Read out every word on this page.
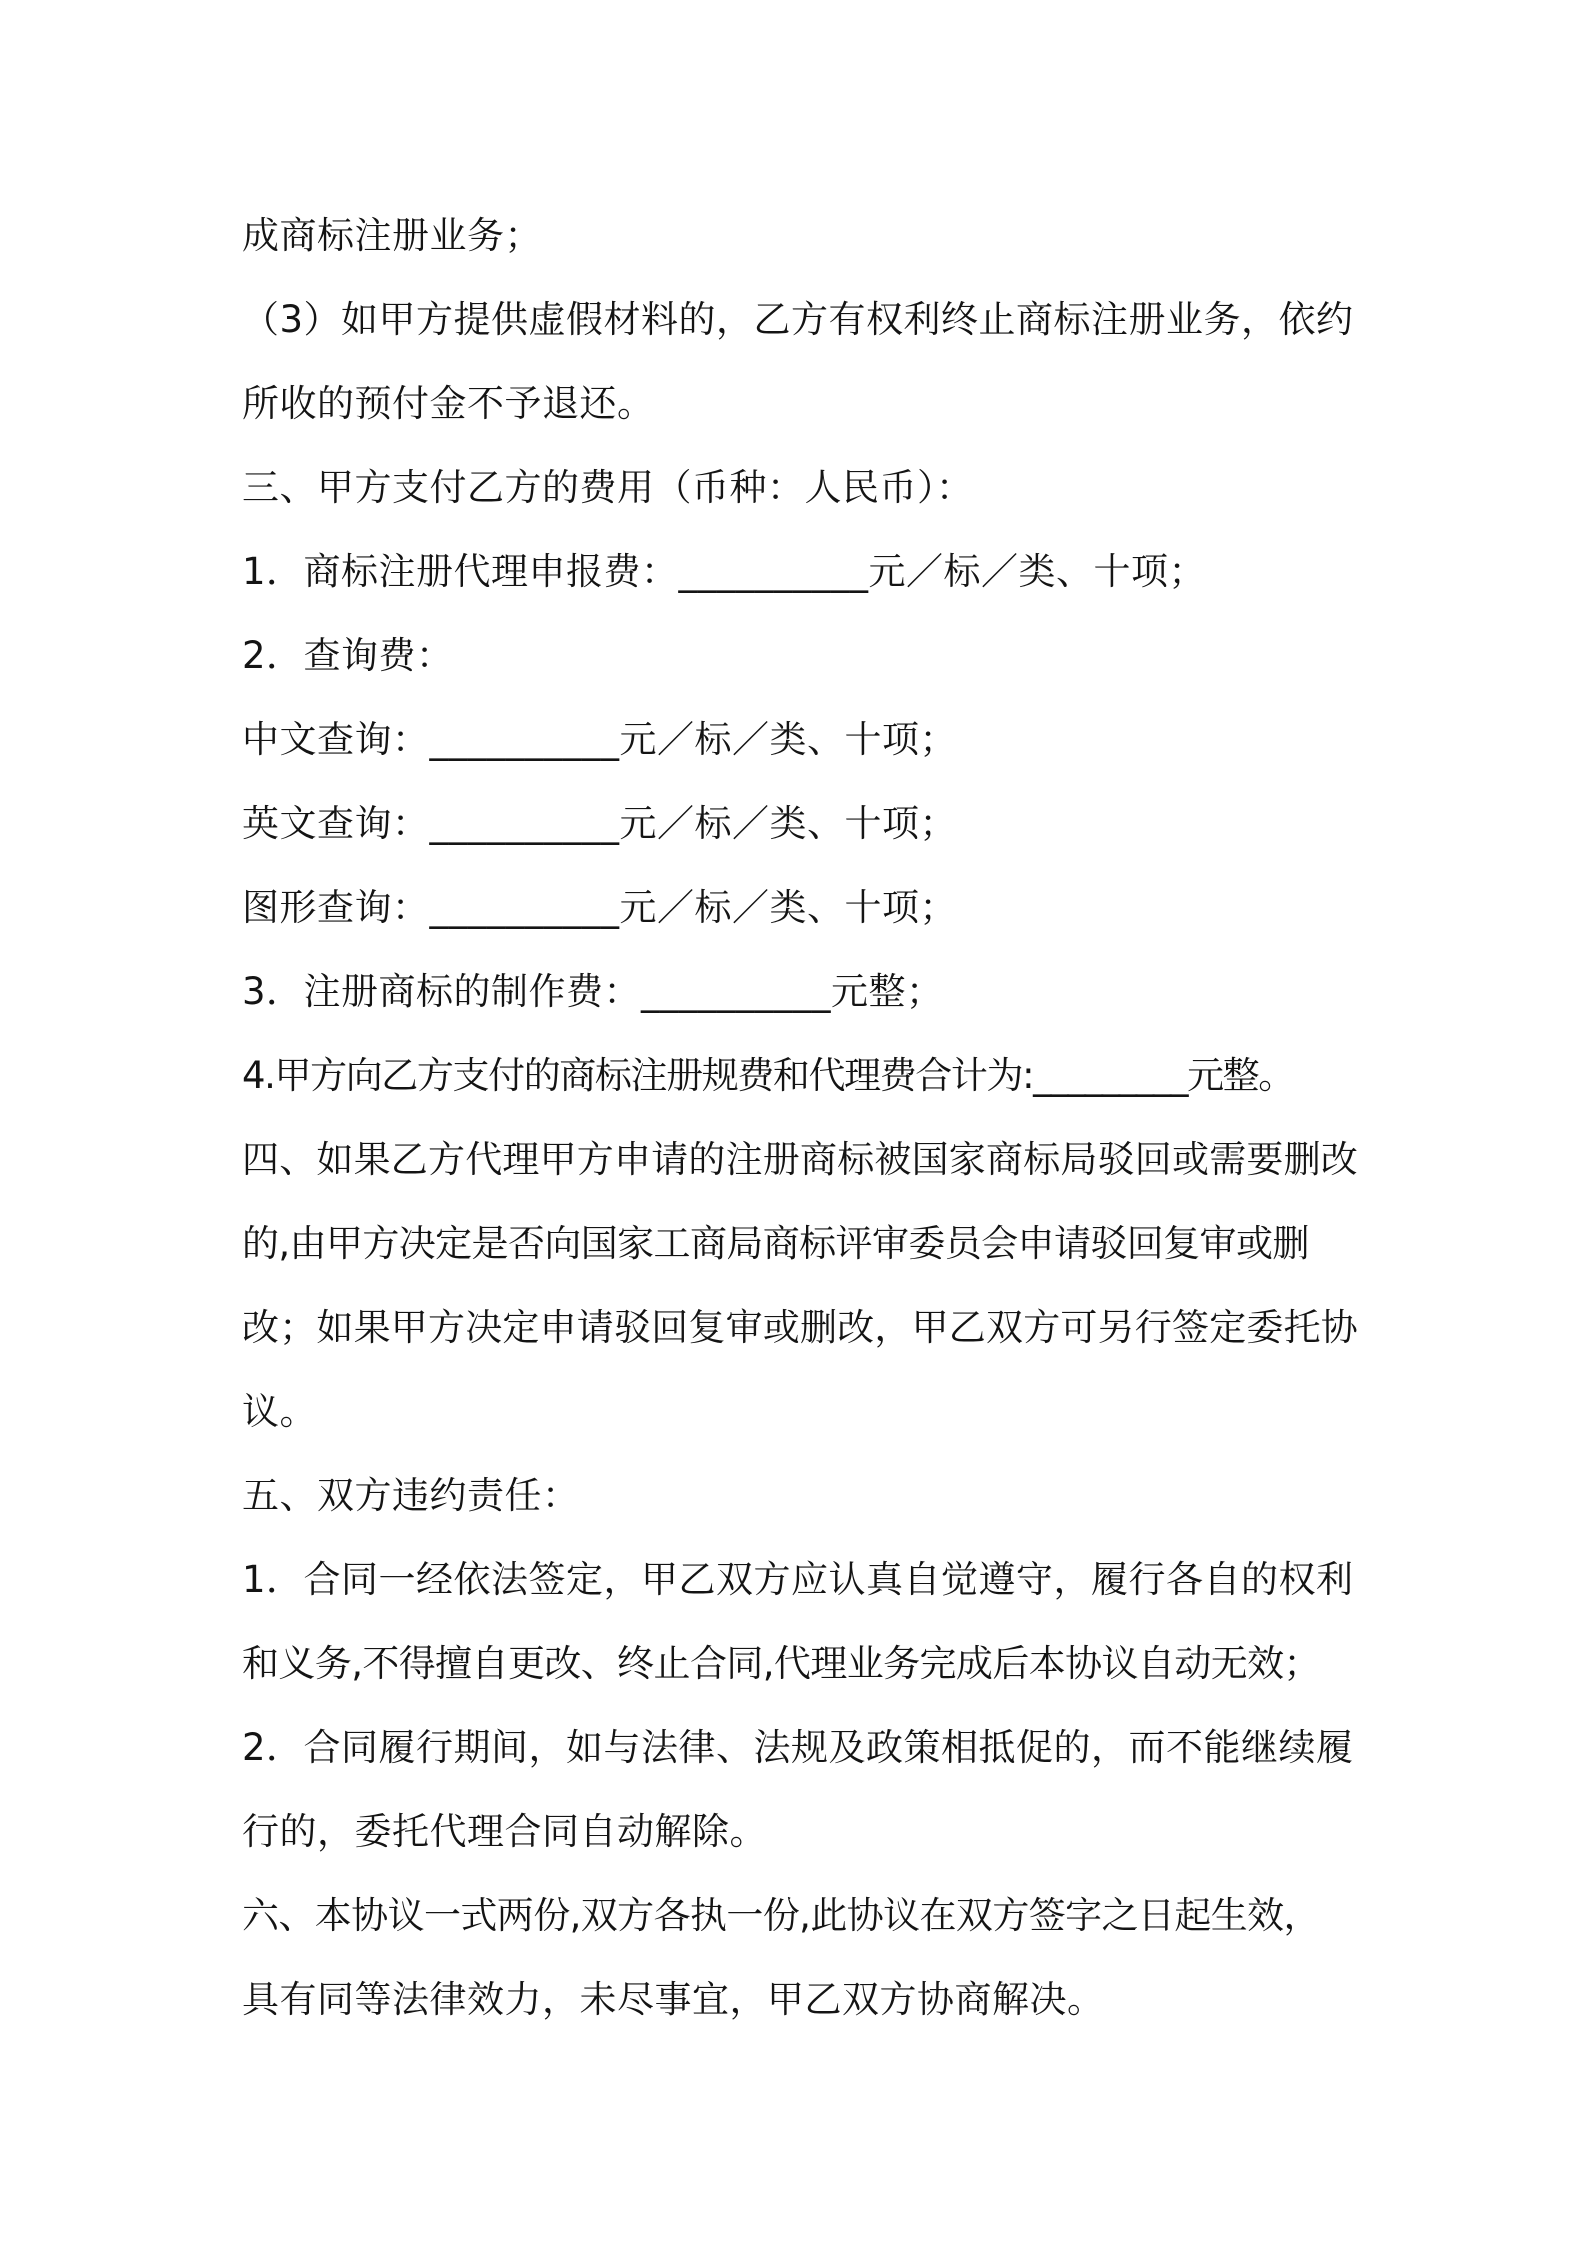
成商标注册业务；
（3）如甲方提供虚假材料的，乙方有权利终止商标注册业务，依约
所收的预付金不予退还。
三、甲方支付乙方的费用（币种：人民币）：
1．商标注册代理申报费：__________元／标／类、十项；
2．查询费：
中文查询：__________元／标／类、十项；
英文查询：__________元／标／类、十项；
图形查询：__________元／标／类、十项；
3．注册商标的制作费：__________元整；
4.甲方向乙方支付的商标注册规费和代理费合计为:_________元整。
四、如果乙方代理甲方申请的注册商标被国家商标局驳回或需要删改
的,由甲方决定是否向国家工商局商标评审委员会申请驳回复审或删
改；如果甲方决定申请驳回复审或删改，甲乙双方可另行签定委托协
议。
五、双方违约责任：
1．合同一经依法签定，甲乙双方应认真自觉遵守，履行各自的权利
和义务,不得擅自更改、终止合同,代理业务完成后本协议自动无效；
2．合同履行期间，如与法律、法规及政策相抵促的，而不能继续履
行的，委托代理合同自动解除。
六、本协议一式两份,双方各执一份,此协议在双方签字之日起生效，
具有同等法律效力，未尽事宜，甲乙双方协商解决。
